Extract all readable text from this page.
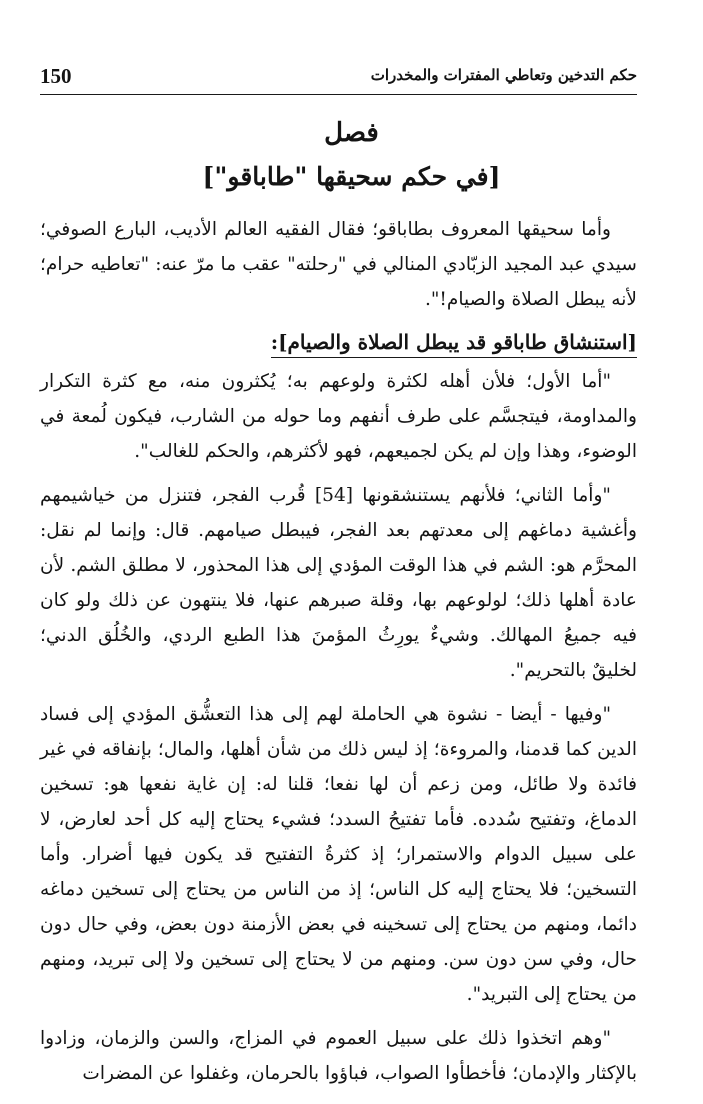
150	حكم التدخين وتعاطي المفترات والمخدرات
فصل
[في حكم سحيقها "طاباقو"]

وأما سحيقها المعروف بطاباقو؛ فقال الفقيه العالم الأديب، البارع الصوفي؛ سيدي عبد المجيد الزبّادي المنالي في "رحلته" عقب ما مرّ عنه: "تعاطيه حرام؛ لأنه يبطل الصلاة والصيام!".

[استنشاق طاباقو قد يبطل الصلاة والصيام]:

"أما الأول؛ فلأن أهله لكثرة ولوعهم به؛ يُكثرون منه، مع كثرة التكرار والمداومة، فيتجسَّم على طرف أنفهم وما حوله من الشارب، فيكون لُمعة في الوضوء، وهذا وإن لم يكن لجميعهم، فهو لأكثرهم، والحكم للغالب".

"وأما الثاني؛ فلأنهم يستنشقونها [54] قُرب الفجر، فتنزل من خياشيمهم وأغشية دماغهم إلى معدتهم بعد الفجر، فيبطل صيامهم. قال: وإنما لم نقل: المحرَّم هو: الشم في هذا الوقت المؤدي إلى هذا المحذور، لا مطلق الشم. لأن عادة أهلها ذلك؛ لولوعهم بها، وقلة صبرهم عنها، فلا ينتهون عن ذلك ولو كان فيه جميعُ المهالك. وشيءٌ يورِثُ المؤمنَ هذا الطبع الردي، والخُلُق الدني؛ لخليقٌ بالتحريم".

"وفيها - أيضا - نشوة هي الحاملة لهم إلى هذا التعشُّق المؤدي إلى فساد الدين كما قدمنا، والمروءة؛ إذ ليس ذلك من شأن أهلها، والمال؛ بإنفاقه في غير فائدة ولا طائل، ومن زعم أن لها نفعا؛ قلنا له: إن غاية نفعها هو: تسخين الدماغ، وتفتيح سُدده. فأما تفتيحُ السدد؛ فشيء يحتاج إليه كل أحد لعارض، لا على سبيل الدوام والاستمرار؛ إذ كثرةُ التفتيح قد يكون فيها أضرار. وأما التسخين؛ فلا يحتاج إليه كل الناس؛ إذ من الناس من يحتاج إلى تسخين دماغه دائما، ومنهم من يحتاج إلى تسخينه في بعض الأزمنة دون بعض، وفي حال دون حال، وفي سن دون سن. ومنهم من لا يحتاج إلى تسخين ولا إلى تبريد، ومنهم من يحتاج إلى التبريد".

"وهم اتخذوا ذلك على سبيل العموم في المزاج، والسن والزمان، وزادوا بالإكثار والإدمان؛ فأخطأوا الصواب، فباؤوا بالحرمان، وغفلوا عن المضرات
